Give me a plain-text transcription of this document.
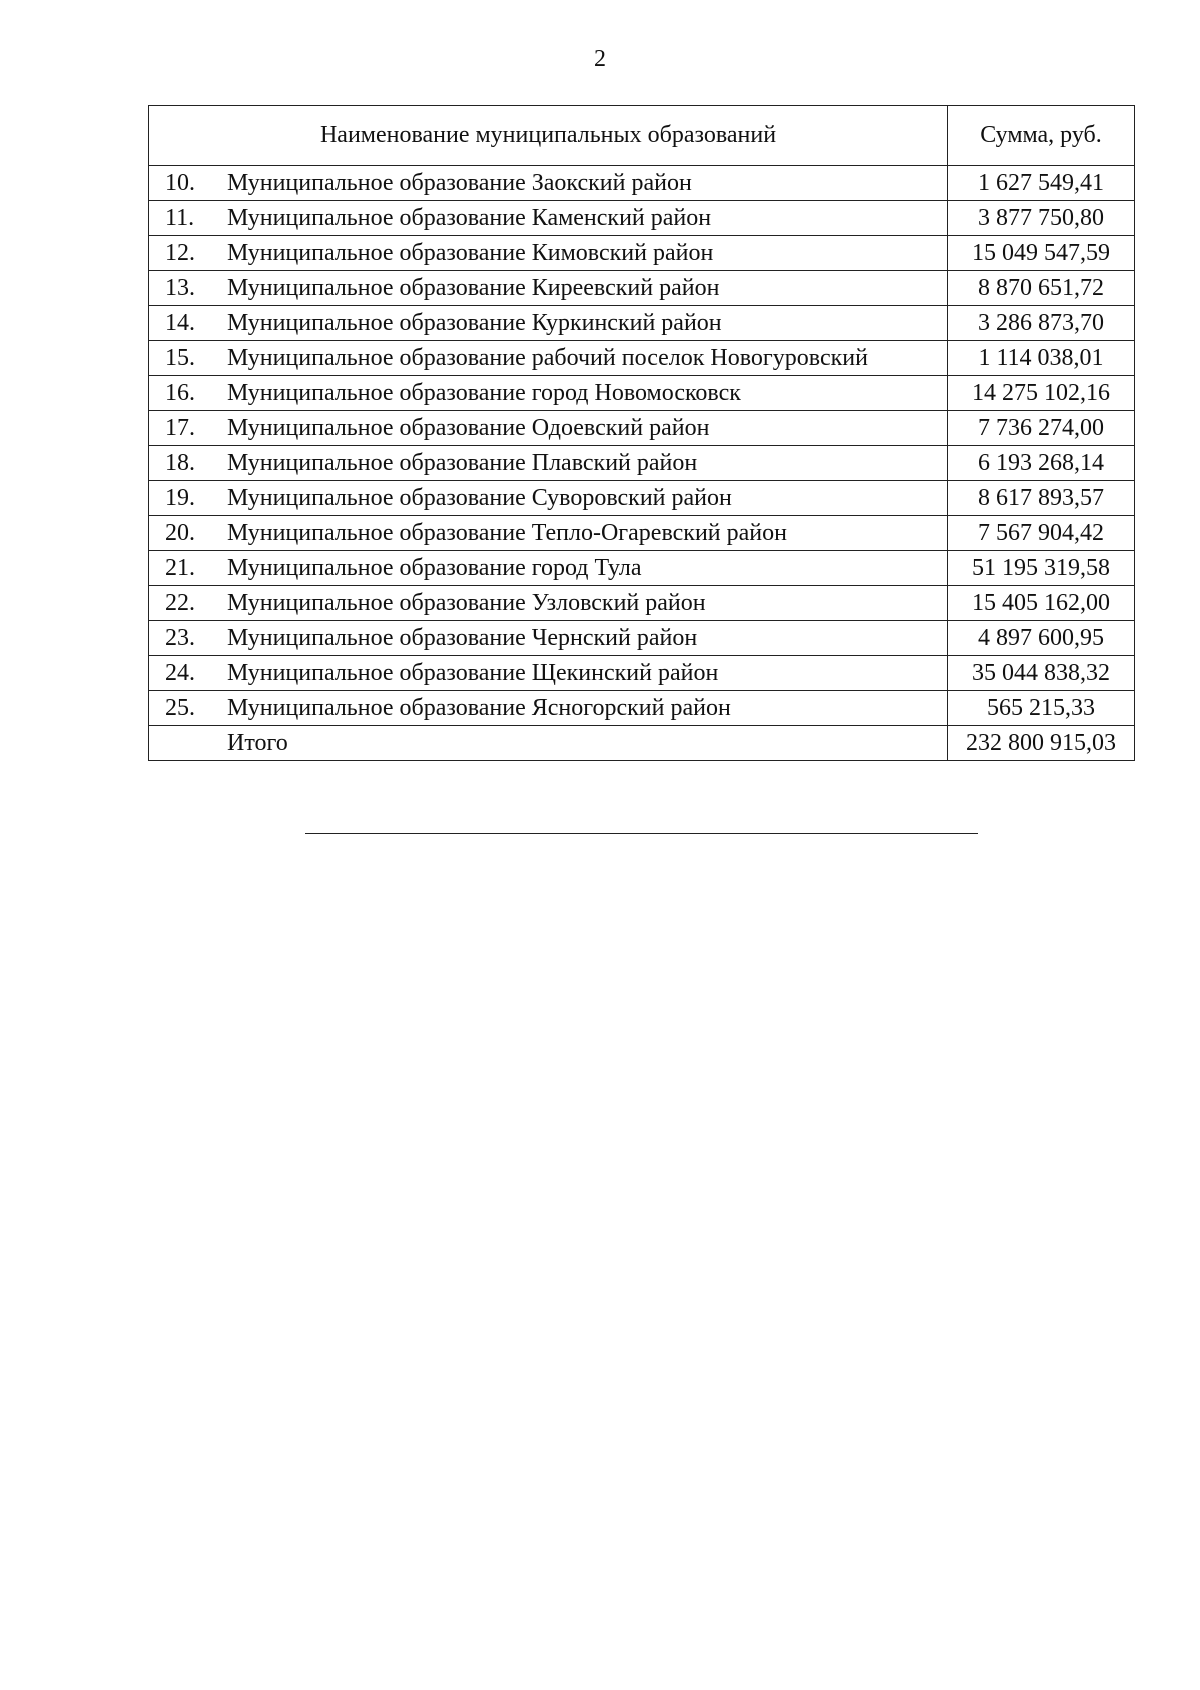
2
Наименование муниципальных образований	Сумма, руб.
10. Муниципальное образование Заокский район	1 627 549,41
11. Муниципальное образование Каменский район	3 877 750,80
12. Муниципальное образование Кимовский район	15 049 547,59
13. Муниципальное образование Киреевский район	8 870 651,72
14. Муниципальное образование Куркинский район	3 286 873,70
15. Муниципальное образование рабочий поселок Новогуровский	1 114 038,01
16. Муниципальное образование город Новомосковск	14 275 102,16
17. Муниципальное образование Одоевский район	7 736 274,00
18. Муниципальное образование Плавский район	6 193 268,14
19. Муниципальное образование Суворовский район	8 617 893,57
20. Муниципальное образование Тепло-Огаревский район	7 567 904,42
21. Муниципальное образование город Тула	51 195 319,58
22. Муниципальное образование Узловский район	15 405 162,00
23. Муниципальное образование Чернский район	4 897 600,95
24. Муниципальное образование Щекинский район	35 044 838,32
25. Муниципальное образование Ясногорский район	565 215,33
Итого	232 800 915,03
